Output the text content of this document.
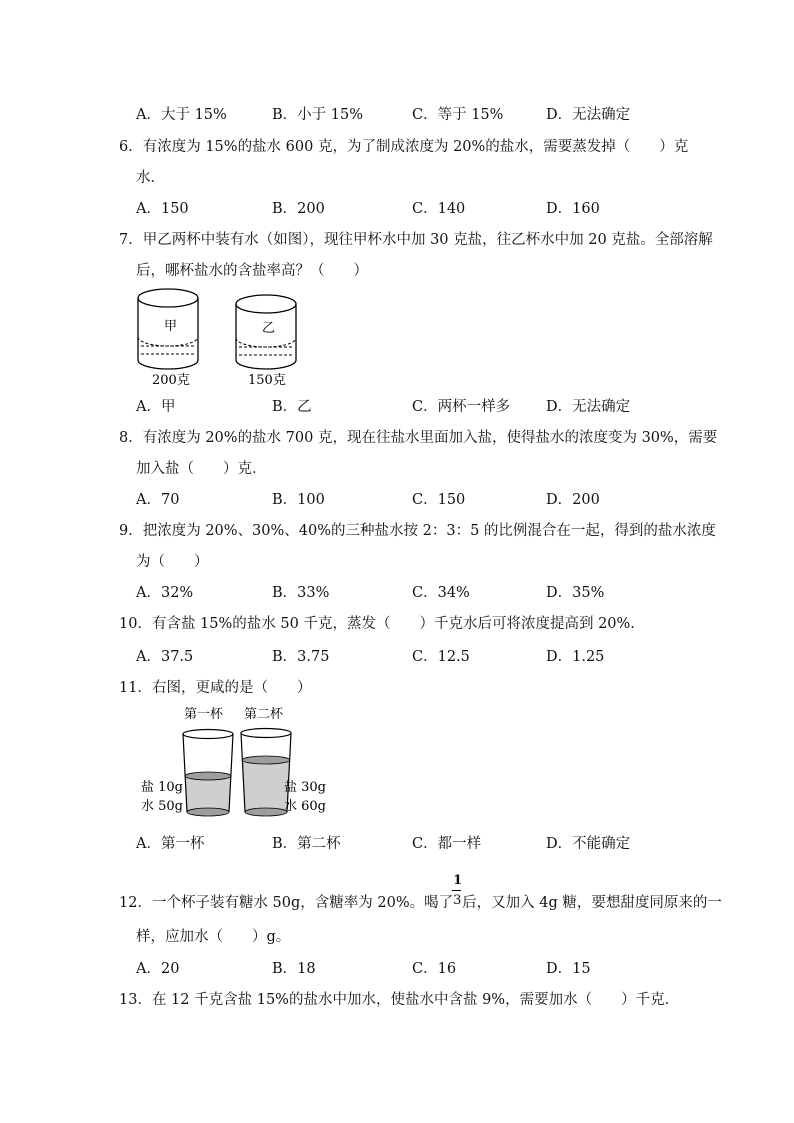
A．大于 15%	B．小于 15%	C．等于 15%	D．无法确定
6．有浓度为 15%的盐水 600 克，为了制成浓度为 20%的盐水，需要蒸发掉（　　）克
水．
A．150	B．200	C．140	D．160
7．甲乙两杯中装有水（如图），现往甲杯水中加 30 克盐，往乙杯水中加 20 克盐。全部溶解
后，哪杯盐水的含盐率高？（　　）
甲	乙
200克	150克
A．甲	B．乙	C．两杯一样多 D．无法确定
8．有浓度为 20%的盐水 700 克，现在往盐水里面加入盐，使得盐水的浓度变为 30%，需要
加入盐（　　）克．
A．70	B．100	C．150	D．200
9．把浓度为 20%、30%、40%的三种盐水按 2：3：5 的比例混合在一起，得到的盐水浓度
为（　　）
A．32%	B．33%	C．34%	D．35%
10．有含盐 15%的盐水 50 千克，蒸发（　　）千克水后可将浓度提高到 20%.
A．37.5	B．3.75	C．12.5	D．1.25
11．右图，更咸的是（　　）
第一杯 第二杯
盐 10g
水 50g
盐 30g
水 60g
A．第一杯	B．第二杯	C．都一样	D．不能确定
12．一个杯子装有糖水 50g，含糖率为 20%。喝了 $\frac{1}{3}$后，又加入 4g 糖，要想甜度同原来的一
样，应加水（　　）g。
A．20	B．18	C．16	D．15
13．在 12 千克含盐 15%的盐水中加水，使盐水中含盐 9%，需要加水（　　）千克．
